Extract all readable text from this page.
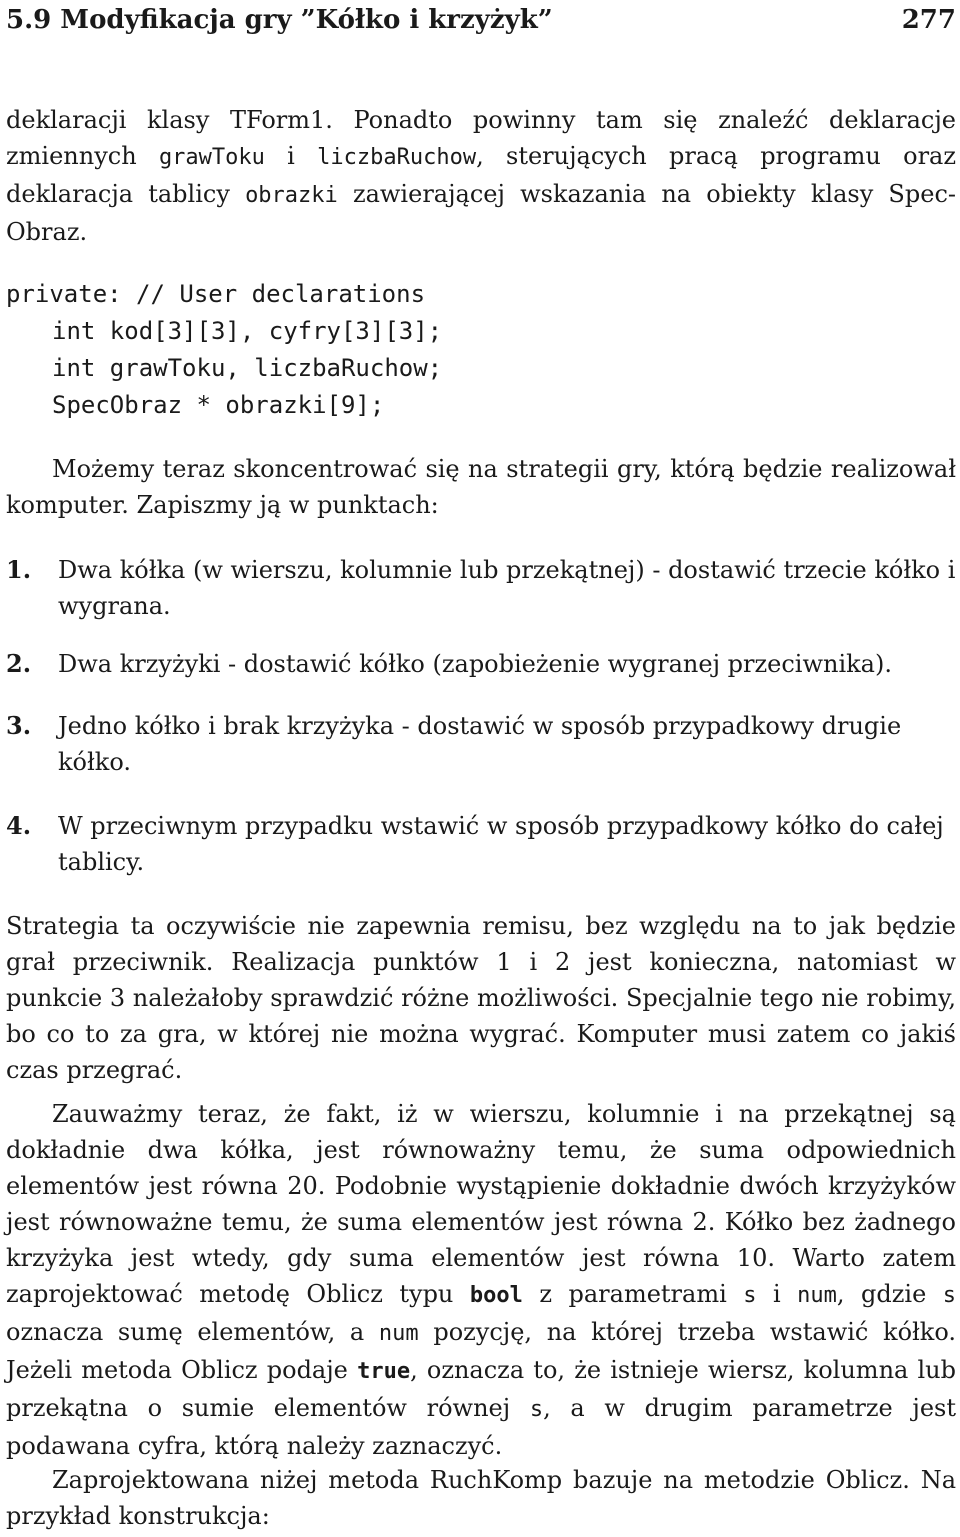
5.9 Modyfikacja gry ”Kółko i krzyżyk”	277
deklaracji klasy TForm1. Ponadto powinny tam się znaleźć deklaracje zmiennych grawToku i liczbaRuchow, sterujących pracą programu oraz deklaracja tablicy obrazki zawierającej wskazania na obiekty klasy Spec-Obraz.
private: // User declarations
int kod[3][3], cyfry[3][3];
int grawToku, liczbaRuchow;
SpecObraz * obrazki[9];
Możemy teraz skoncentrować się na strategii gry, którą będzie realizował komputer. Zapiszmy ją w punktach:
1. Dwa kółka (w wierszu, kolumnie lub przekątnej) - dostawić trzecie kółko i wygrana.
2. Dwa krzyżyki - dostawić kółko (zapobieżenie wygranej przeciwnika).
3. Jedno kółko i brak krzyżyka - dostawić w sposób przypadkowy drugie kółko.
4. W przeciwnym przypadku wstawić w sposób przypadkowy kółko do całej tablicy.
Strategia ta oczywiście nie zapewnia remisu, bez względu na to jak będzie grał przeciwnik. Realizacja punktów 1 i 2 jest konieczna, natomiast w punkcie 3 należałoby sprawdzić różne możliwości. Specjalnie tego nie robimy, bo co to za gra, w której nie można wygrać. Komputer musi zatem co jakiś czas przegrać.
Zauważmy teraz, że fakt, iż w wierszu, kolumnie i na przekątnej są dokładnie dwa kółka, jest równoważny temu, że suma odpowiednich elementów jest równa 20. Podobnie wystąpienie dokładnie dwóch krzyżyków jest równoważne temu, że suma elementów jest równa 2. Kółko bez żadnego krzyżyka jest wtedy, gdy suma elementów jest równa 10. Warto zatem zaprojektować metodę Oblicz typu bool z parametrami s i num, gdzie s oznacza sumę elementów, a num pozycję, na której trzeba wstawić kółko. Jeżeli metoda Oblicz podaje true, oznacza to, że istnieje wiersz, kolumna lub przekątna o sumie elementów równej s, a w drugim parametrze jest podawana cyfra, którą należy zaznaczyć.
Zaprojektowana niżej metoda RuchKomp bazuje na metodzie Oblicz. Na przykład konstrukcja:
